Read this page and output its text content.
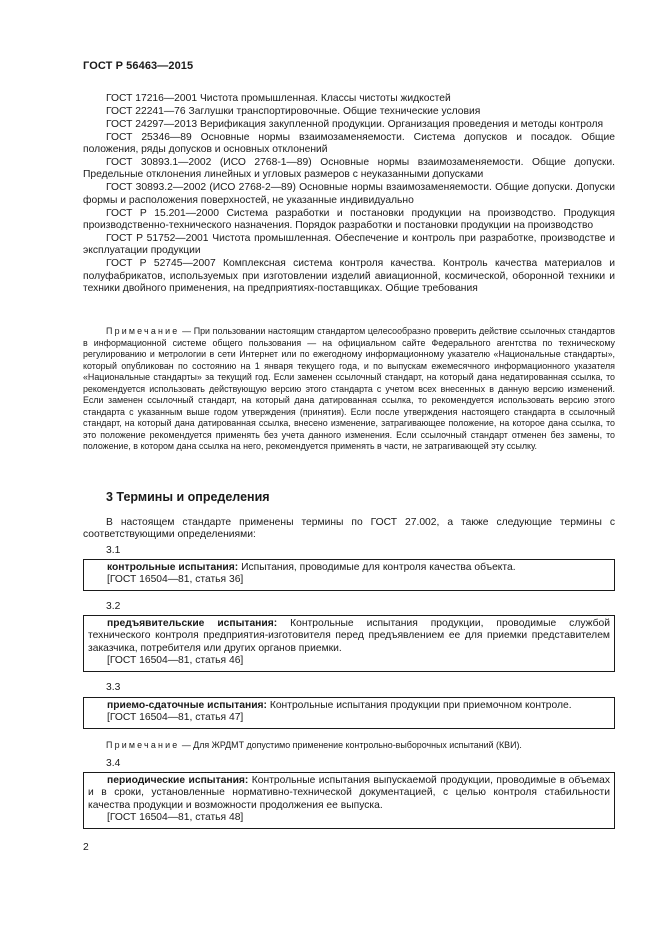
ГОСТ Р 56463—2015

ГОСТ 17216—2001 Чистота промышленная. Классы чистоты жидкостей

ГОСТ 22241—76 Заглушки транспортировочные. Общие технические условия

ГОСТ 24297—2013 Верификация закупленной продукции. Организация проведения и методы контроля

ГОСТ 25346—89 Основные нормы взаимозаменяемости. Система допусков и посадок. Общие положения, ряды допусков и основных отклонений

ГОСТ 30893.1—2002 (ИСО 2768-1—89) Основные нормы взаимозаменяемости. Общие допуски. Предельные отклонения линейных и угловых размеров с неуказанными допусками

ГОСТ 30893.2—2002 (ИСО 2768-2—89) Основные нормы взаимозаменяемости. Общие допуски. Допуски формы и расположения поверхностей, не указанные индивидуально

ГОСТ Р 15.201—2000 Система разработки и постановки продукции на производство. Продукция производственно-технического назначения. Порядок разработки и постановки продукции на производство

ГОСТ Р 51752—2001 Чистота промышленная. Обеспечение и контроль при разработке, производстве и эксплуатации продукции

ГОСТ Р 52745—2007 Комплексная система контроля качества. Контроль качества материалов и полуфабрикатов, используемых при изготовлении изделий авиационной, космической, оборонной техники и техники двойного применения, на предприятиях-поставщиках. Общие требования

Примечание — При пользовании настоящим стандартом целесообразно проверить действие ссылочных стандартов в информационной системе общего пользования — на официальном сайте Федерального агентства по техническому регулированию и метрологии в сети Интернет или по ежегодному информационному указателю «Национальные стандарты», который опубликован по состоянию на 1 января текущего года, и по выпускам ежемесячного информационного указателя «Национальные стандарты» за текущий год. Если заменен ссылочный стандарт, на который дана недатированная ссылка, то рекомендуется использовать действующую версию этого стандарта с учетом всех внесенных в данную версию изменений. Если заменен ссылочный стандарт, на который дана датированная ссылка, то рекомендуется использовать версию этого стандарта с указанным выше годом утверждения (принятия). Если после утверждения настоящего стандарта в ссылочный стандарт, на который дана датированная ссылка, внесено изменение, затрагивающее положение, на которое дана ссылка, то это положение рекомендуется применять без учета данного изменения. Если ссылочный стандарт отменен без замены, то положение, в котором дана ссылка на него, рекомендуется применять в части, не затрагивающей эту ссылку.

3 Термины и определения

В настоящем стандарте применены термины по ГОСТ 27.002, а также следующие термины с соответствующими определениями:

3.1

контрольные испытания: Испытания, проводимые для контроля качества объекта.

[ГОСТ 16504—81, статья 36]
3.2

предъявительские испытания: Контрольные испытания продукции, проводимые службой технического контроля предприятия-изготовителя перед предъявлением ее для приемки представителем заказчика, потребителя или других органов приемки.

[ГОСТ 16504—81, статья 46]
3.3

приемо-сдаточные испытания: Контрольные испытания продукции при приемочном контроле.

[ГОСТ 16504—81, статья 47]
Примечание — Для ЖРДМТ допустимо применение контрольно-выборочных испытаний (КВИ).
3.4

периодические испытания: Контрольные испытания выпускаемой продукции, проводимые в объемах и в сроки, установленные нормативно-технической документацией, с целью контроля стабильности качества продукции и возможности продолжения ее выпуска.

[ГОСТ 16504—81, статья 48]
2
